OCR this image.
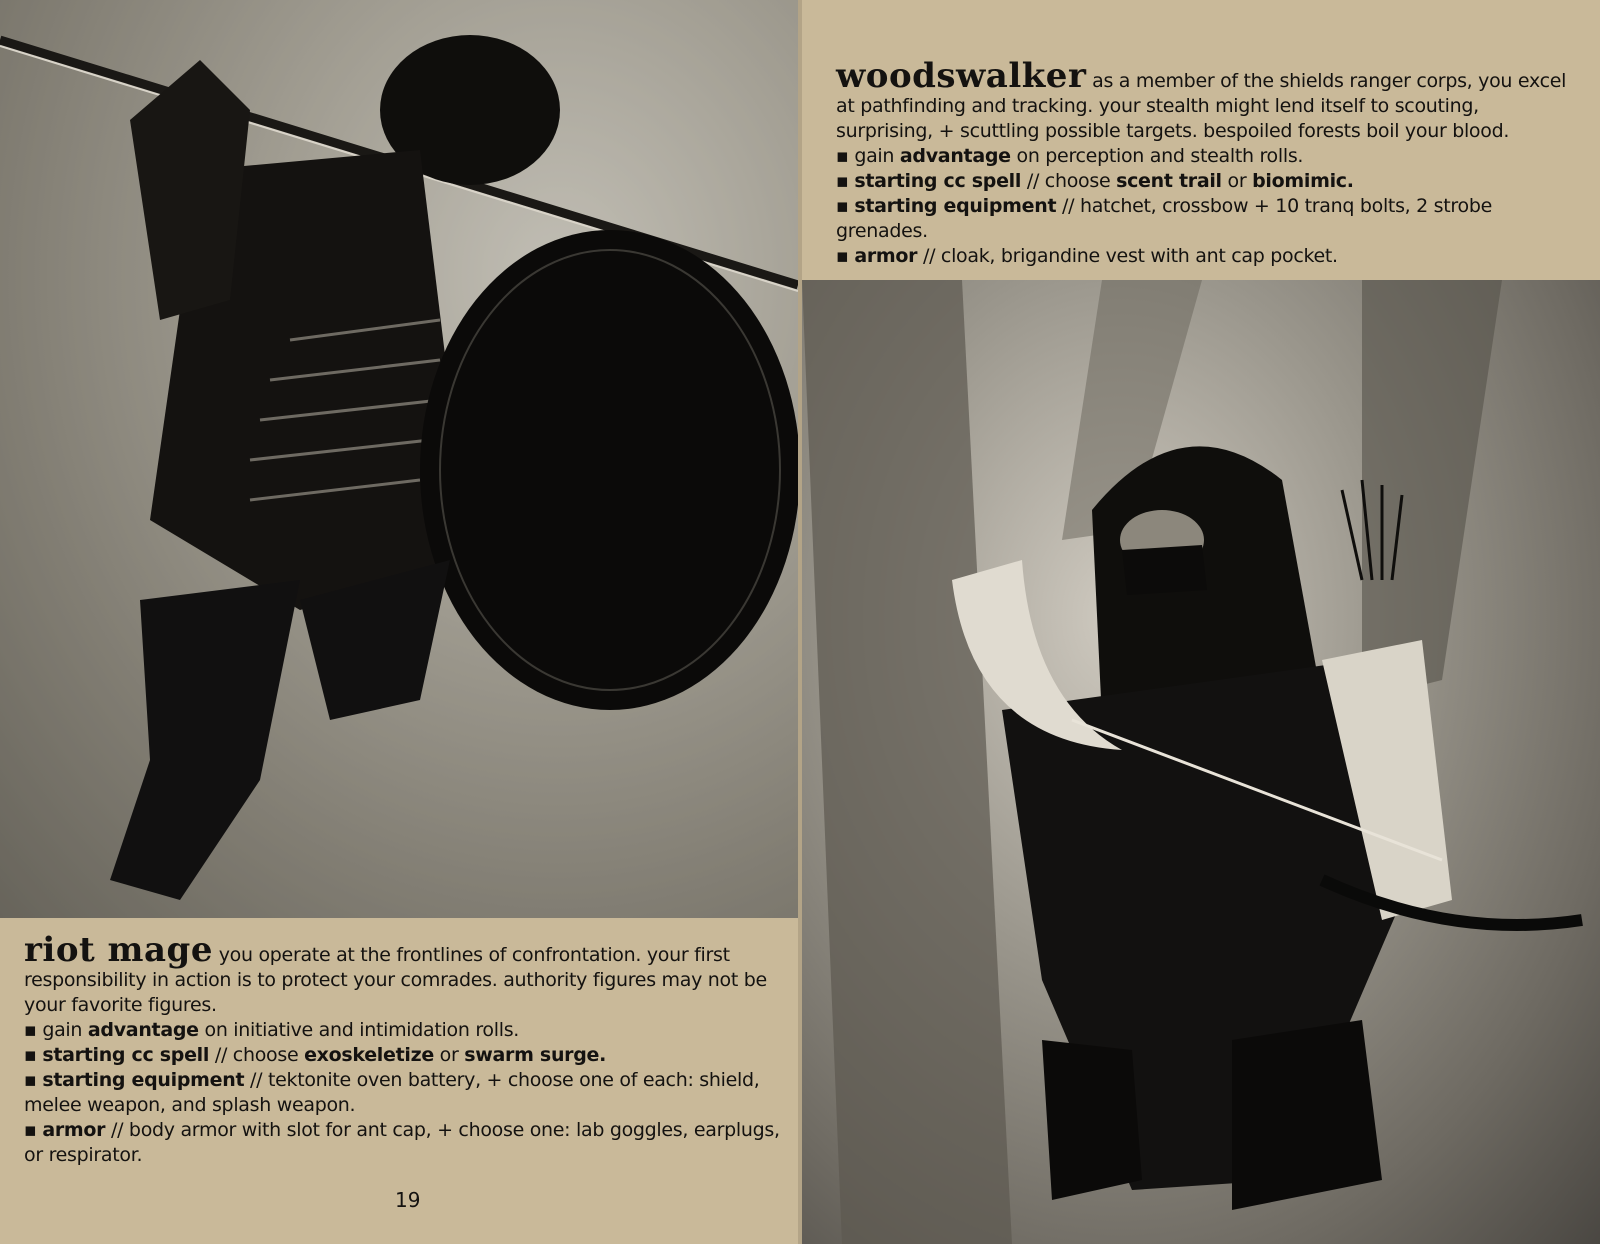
riot mage you operate at the frontlines of confrontation. your first responsibility in action is to protect your comrades. authority figures may not be your favorite figures.
▪ gain advantage on initiative and intimidation rolls.
▪ starting cc spell // choose exoskeletize or swarm surge.
▪ starting equipment // tektonite oven battery, + choose one of each: shield, melee weapon, and splash weapon.
▪ armor // body armor with slot for ant cap, + choose one: lab goggles, earplugs, or respirator.
19
woodswalker as a member of the shields ranger corps, you excel at pathfinding and tracking. your stealth might lend itself to scouting, surprising, + scuttling possible targets. bespoiled forests boil your blood.
▪ gain advantage on perception and stealth rolls.
▪ starting cc spell // choose scent trail or biomimic.
▪ starting equipment // hatchet, crossbow + 10 tranq bolts, 2 strobe grenades.
▪ armor // cloak, brigandine vest with ant cap pocket.
